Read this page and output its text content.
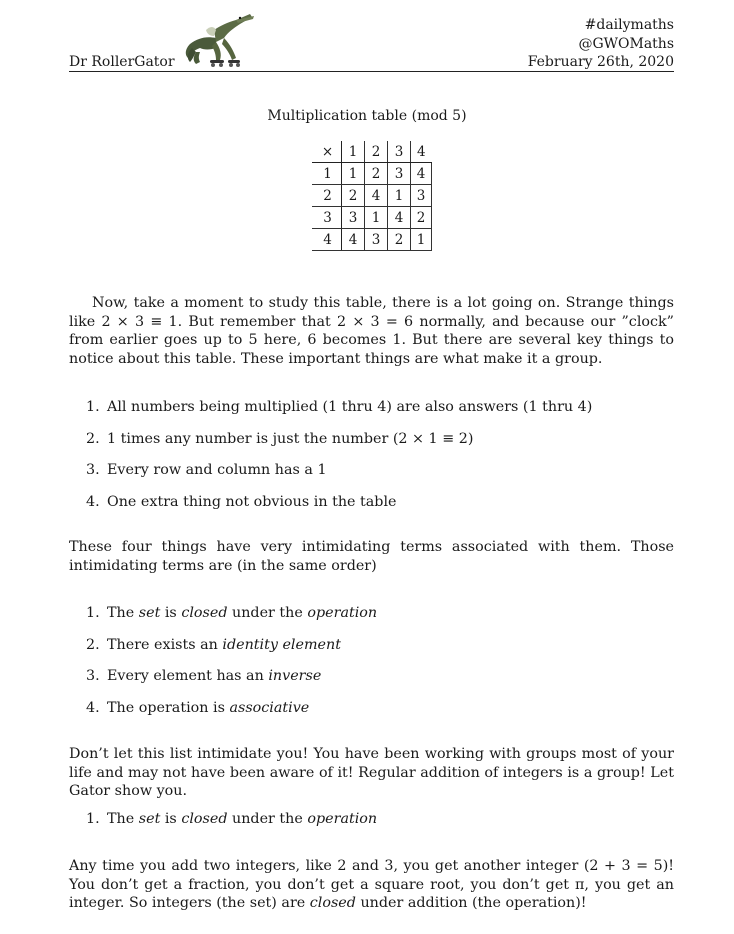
Dr RollerGator
#dailymaths
@GWOMaths
February 26th, 2020
Multiplication table (mod 5)
×	1	2	3	4
1	1	2	3	4
2	2	4	1	3
3	3	1	4	2
4	4	3	2	1
Now, take a moment to study this table, there is a lot going on. Strange things like 2 × 3 ≡ 1. But remember that 2 × 3 = 6 normally, and because our ”clock” from earlier goes up to 5 here, 6 becomes 1. But there are several key things to notice about this table. These important things are what make it a group.
1. All numbers being multiplied (1 thru 4) are also answers (1 thru 4)
2. 1 times any number is just the number (2 × 1 ≡ 2)
3. Every row and column has a 1
4. One extra thing not obvious in the table
These four things have very intimidating terms associated with them. Those intimidating terms are (in the same order)
1. The set is closed under the operation
2. There exists an identity element
3. Every element has an inverse
4. The operation is associative
Don’t let this list intimidate you! You have been working with groups most of your life and may not have been aware of it! Regular addition of integers is a group! Let Gator show you.
1. The set is closed under the operation
Any time you add two integers, like 2 and 3, you get another integer (2 + 3 = 5)! You don’t get a fraction, you don’t get a square root, you don’t get π, you get an integer. So integers (the set) are closed under addition (the operation)!
